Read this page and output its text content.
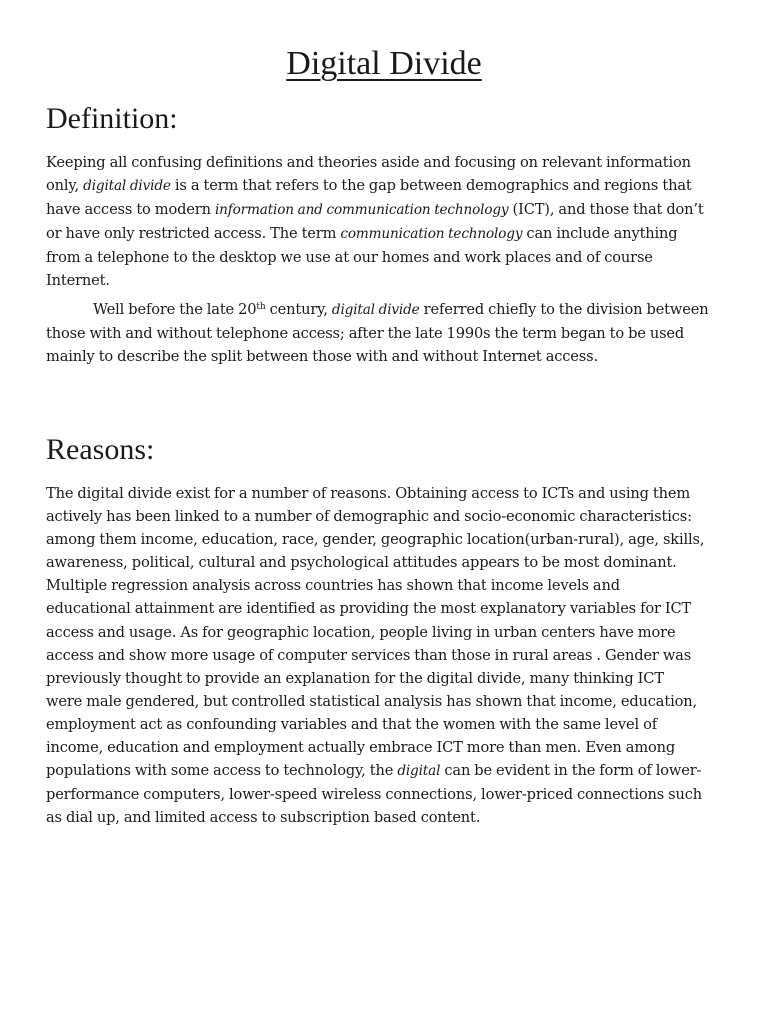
Digital Divide
Definition:

Keeping all confusing definitions and theories aside and focusing on relevant information
only, digital divide is a term that refers to the gap between demographics and regions that
have access to modern information and communication technology (ICT), and those that don’t
or have only restricted access. The term communication technology can include anything
from a telephone to the desktop we use at our homes and work places and of course
Internet.

Well before the late 20th century, digital divide referred chiefly to the division between
those with and without telephone access; after the late 1990s the term began to be used
mainly to describe the split between those with and without Internet access.

Reasons:

The digital divide exist for a number of reasons. Obtaining access to ICTs and using them
actively has been linked to a number of demographic and socio-economic characteristics:
among them income, education, race, gender, geographic location(urban-rural), age, skills,
awareness, political, cultural and psychological attitudes appears to be most dominant.
Multiple regression analysis across countries has shown that income levels and
educational attainment are identified as providing the most explanatory variables for ICT
access and usage. As for geographic location, people living in urban centers have more
access and show more usage of computer services than those in rural areas . Gender was
previously thought to provide an explanation for the digital divide, many thinking ICT
were male gendered, but controlled statistical analysis has shown that income, education,
employment act as confounding variables and that the women with the same level of
income, education and employment actually embrace ICT more than men. Even among
populations with some access to technology, the digital can be evident in the form of lower-
performance computers, lower-speed wireless connections, lower-priced connections such
as dial up, and limited access to subscription based content.
